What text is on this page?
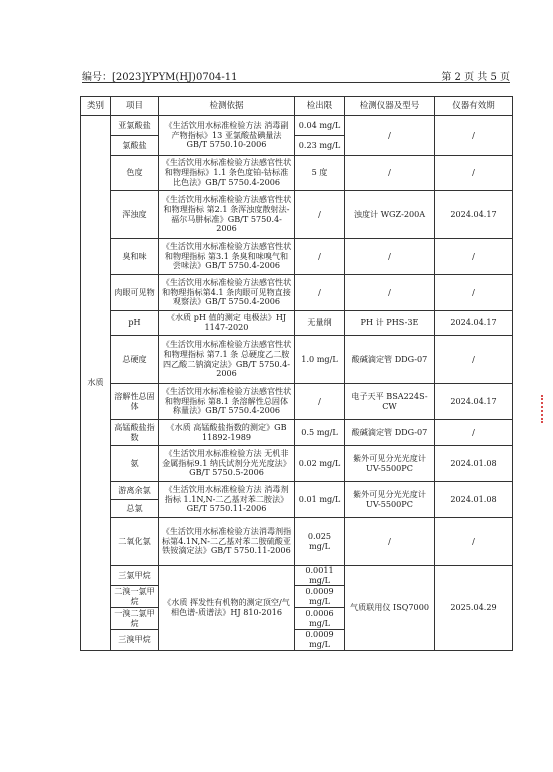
编号：[2023]YPYM(HJ)0704-11	第 2 页 共 5 页
类别	项目	检测依据	检出限	检测仪器及型号	仪器有效期
水质	亚氯酸盐	《生活饮用水标准检验方法 消毒副产物指标》13 亚氯酸盐碘量法 GB/T 5750.10-2006	0.04 mg/L	/	/
	氯酸盐		0.23 mg/L		
	色度	《生活饮用水标准检验方法感官性状和物理指标》1.1 条色度铂-钴标准比色法》GB/T 5750.4-2006	5 度	/	/
	浑浊度	《生活饮用水标准检验方法感官性状和物理指标 第2.1 条浑浊度散射法-福尔马肼标准》GB/T 5750.4-2006	/	浊度计 WGZ-200A	2024.04.17
	臭和味	《生活饮用水标准检验方法感官性状和物理指标 第3.1 条臭和味嗅气和尝味法》GB/T 5750.4-2006	/	/	/
	肉眼可见物	《生活饮用水标准检验方法感官性状和物理指标第4.1 条肉眼可见物直接观察法》GB/T 5750.4-2006	/	/	/
	pH	《水质 pH 值的测定 电极法》HJ 1147-2020	无量纲	PH 计 PHS-3E	2024.04.17
	总硬度	《生活饮用水标准检验方法感官性状和物理指标 第7.1 条 总硬度乙二胺四乙酸二钠滴定法》GB/T 5750.4-2006	1.0 mg/L	酸碱滴定管 DDG-07	/
	溶解性总固体	《生活饮用水标准检验方法感官性状和物理指标 第8.1 条溶解性总固体称量法》GB/T 5750.4-2006	/	电子天平 BSA224S-CW	2024.04.17
	高锰酸盐指数	《水质 高锰酸盐指数的测定》GB 11892-1989	0.5 mg/L	酸碱滴定管 DDG-07	/
	氨	《生活饮用水标准检验方法 无机非金属指标9.1 纳氏试剂分光光度法》GB/T 5750.5-2006	0.02 mg/L	紫外可见分光光度计 UV-5500PC	2024.01.08
	游离余氯	《生活饮用水标准检验方法 消毒剂指标 1.1N,N-二乙基对苯二胺法》GE/T 5750.11-2006	0.01 mg/L	紫外可见分光光度计 UV-5500PC	2024.01.08
	总氯				
	二氧化氯	《生活饮用水标准检验方法消毒剂指标第4.1N,N-二乙基对苯二胺硫酸亚铁铵滴定法》GB/T 5750.11-2006	0.025 mg/L	/	/
	三氯甲烷	《水质 挥发性有机物的测定顶空/气相色谱-质谱法》HJ 810-2016	0.0011 mg/L	气质联用仪 ISQ7000	2025.04.29
	二溴一氯甲烷		0.0009 mg/L		
	一溴二氯甲烷		0.0006 mg/L		
	三溴甲烷		0.0009 mg/L		
